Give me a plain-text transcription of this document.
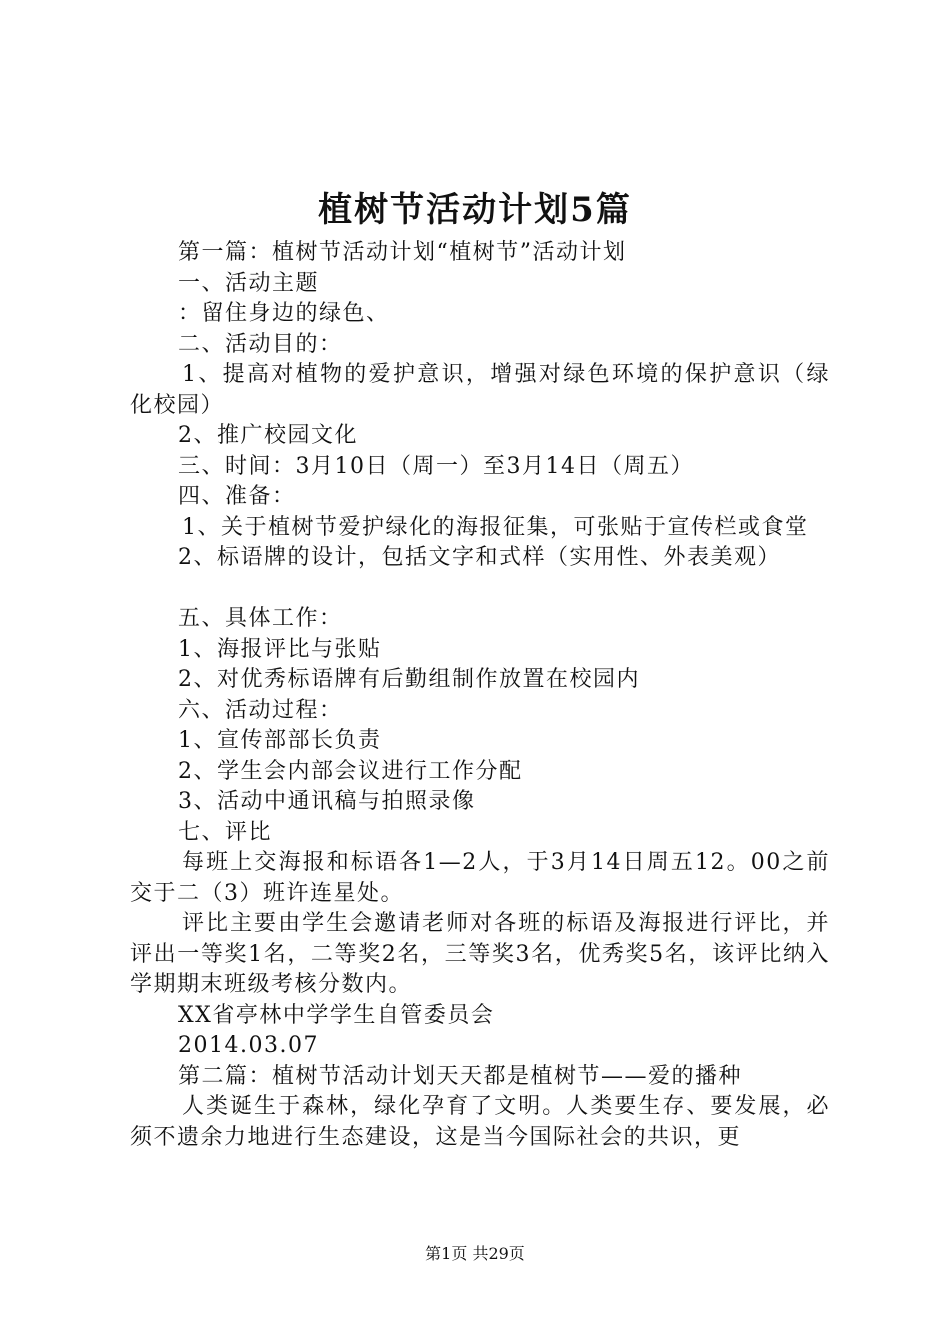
植树节活动计划5篇
第一篇：植树节活动计划“植树节”活动计划
一、活动主题
：留住身边的绿色、
二、活动目的：
1、提高对植物的爱护意识，增强对绿色环境的保护意识（绿化校园）
2、推广校园文化
三、时间：3月10日（周一）至3月14日（周五）
四、准备：
1、关于植树节爱护绿化的海报征集，可张贴于宣传栏或食堂
2、标语牌的设计，包括文字和式样（实用性、外表美观）
五、具体工作：
1、海报评比与张贴
2、对优秀标语牌有后勤组制作放置在校园内
六、活动过程：
1、宣传部部长负责
2、学生会内部会议进行工作分配
3、活动中通讯稿与拍照录像
七、评比
每班上交海报和标语各1—2人，于3月14日周五12。00之前交于二（3）班许连星处。
评比主要由学生会邀请老师对各班的标语及海报进行评比，并评出一等奖1名，二等奖2名，三等奖3名，优秀奖5名，该评比纳入学期期末班级考核分数内。
XX省亭林中学学生自管委员会
2014.03.07
第二篇：植树节活动计划天天都是植树节——爱的播种
人类诞生于森林，绿化孕育了文明。人类要生存、要发展，必须不遗余力地进行生态建设，这是当今国际社会的共识，更
第1页 共29页
